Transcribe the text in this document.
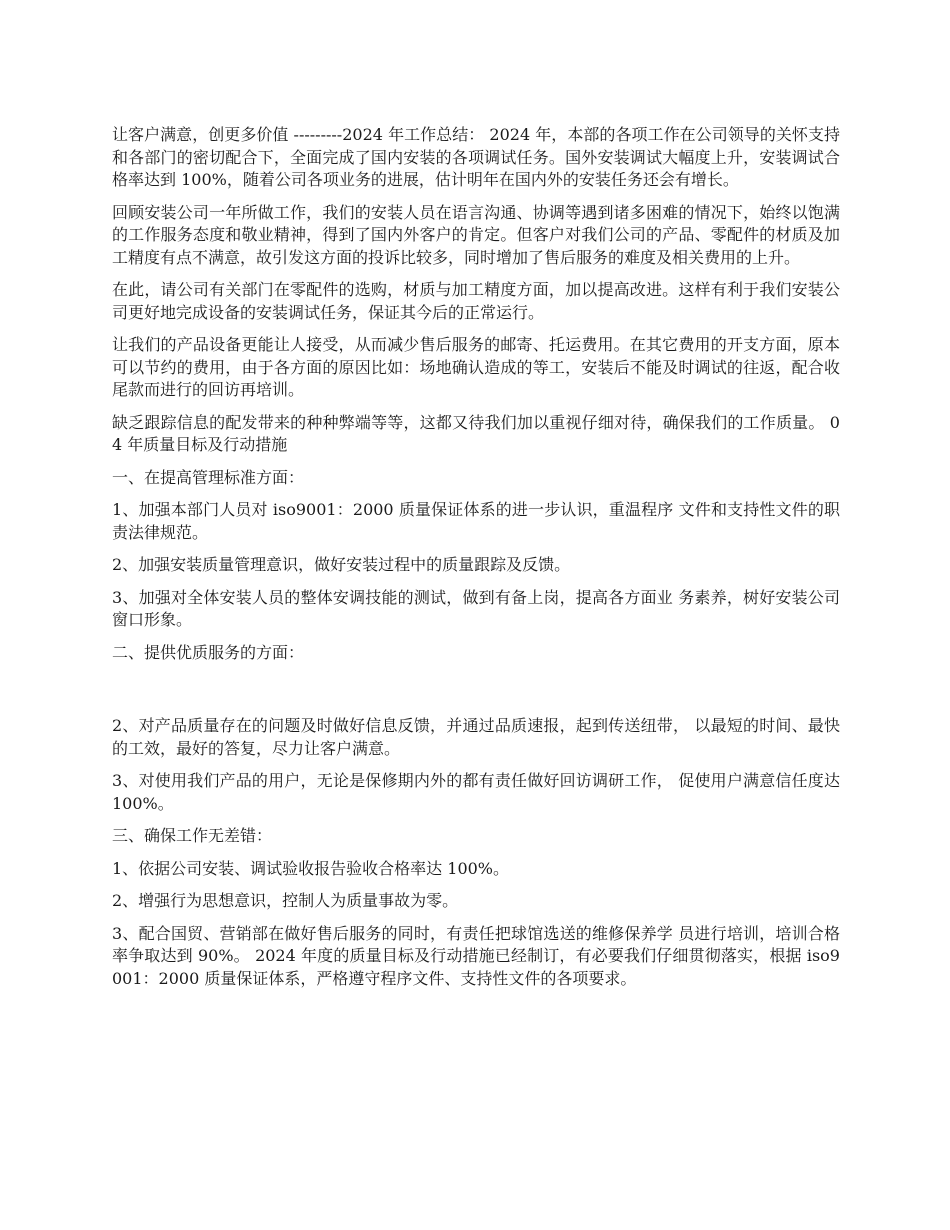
让客户满意，创更多价值 ---------2024 年工作总结： 2024 年，本部的各项工作在公司领导的关怀支持和各部门的密切配合下，全面完成了国内安装的各项调试任务。国外安装调试大幅度上升，安装调试合格率达到 100%，随着公司各项业务的进展，估计明年在国内外的安装任务还会有增长。

回顾安装公司一年所做工作，我们的安装人员在语言沟通、协调等遇到诸多困难的情况下，始终以饱满的工作服务态度和敬业精神，得到了国内外客户的肯定。但客户对我们公司的产品、零配件的材质及加工精度有点不满意，故引发这方面的投诉比较多，同时增加了售后服务的难度及相关费用的上升。

在此，请公司有关部门在零配件的选购，材质与加工精度方面，加以提高改进。这样有利于我们安装公司更好地完成设备的安装调试任务，保证其今后的正常运行。

让我们的产品设备更能让人接受，从而减少售后服务的邮寄、托运费用。在其它费用的开支方面，原本可以节约的费用，由于各方面的原因比如：场地确认造成的等工，安装后不能及时调试的往返，配合收尾款而进行的回访再培训。

缺乏跟踪信息的配发带来的种种弊端等等，这都又待我们加以重视仔细对待，确保我们的工作质量。 04 年质量目标及行动措施

一、在提高管理标准方面：

1、加强本部门人员对 iso9001：2000 质量保证体系的进一步认识，重温程序 文件和支持性文件的职责法律规范。

2、加强安装质量管理意识，做好安装过程中的质量跟踪及反馈。

3、加强对全体安装人员的整体安调技能的测试，做到有备上岗，提高各方面业 务素养，树好安装公司窗口形象。

二、提供优质服务的方面：

2、对产品质量存在的问题及时做好信息反馈，并通过品质速报，起到传送纽带， 以最短的时间、最快的工效，最好的答复，尽力让客户满意。

3、对使用我们产品的用户，无论是保修期内外的都有责任做好回访调研工作， 促使用户满意信任度达 100%。

三、确保工作无差错：

1、依据公司安装、调试验收报告验收合格率达 100%。

2、增强行为思想意识，控制人为质量事故为零。

3、配合国贸、营销部在做好售后服务的同时，有责任把球馆选送的维修保养学 员进行培训，培训合格率争取达到 90%。 2024 年度的质量目标及行动措施已经制订，有必要我们仔细贯彻落实，根据 iso9001：2000 质量保证体系，严格遵守程序文件、支持性文件的各项要求。
